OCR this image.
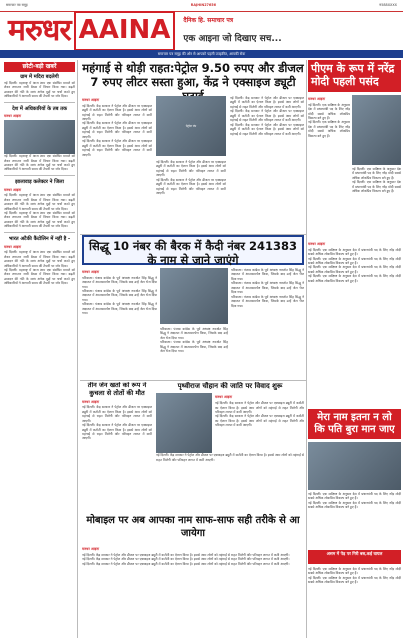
समाचार पत्र समूह	RAJHIN27656	9588XXXX
मरुधर AAINA	दैनिक हि. समाचार पत्र
एक आइना जो दिखाए सच...
समाचार पत्र समूह की ओर से आपको पहली उपहारित, आपकी सेवा
छोटी-बड़ी खबरें
ग्राम में मदिरा बदलेगी
नई दिल्ली। महाराष्ट्र में आज शाम एक संबंधित मामले को लेकर लगातार जारी बैठक में विचार किया गया। बढ़ती उत्पादन की गति के साथ अनेक मुद्दों पर चर्चा करते हुए अधिकारियों ने आगामी समय की तैयारी पर जोर दिया।
देश में अधिकारियों के तब तक
मरुधर आइना
नई दिल्ली। महाराष्ट्र में आज शाम एक संबंधित मामले को लेकर लगातार जारी बैठक में विचार किया गया। बढ़ती उत्पादन की गति के साथ अनेक मुद्दों पर चर्चा करते हुए अधिकारियों ने आगामी समय की तैयारी पर जोर दिया।
झालावाड़ कलेक्टर ने जिला
मरुधर आइना
नई दिल्ली। महाराष्ट्र में आज शाम एक संबंधित मामले को लेकर लगातार जारी बैठक में विचार किया गया। बढ़ती उत्पादन की गति के साथ अनेक मुद्दों पर चर्चा करते हुए अधिकारियों ने आगामी समय की तैयारी पर जोर दिया।
नई दिल्ली। महाराष्ट्र में आज शाम एक संबंधित मामले को लेकर लगातार जारी बैठक में विचार किया गया। बढ़ती उत्पादन की गति के साथ अनेक मुद्दों पर चर्चा करते हुए अधिकारियों ने आगामी समय की तैयारी पर जोर दिया।
भारत अटैकी कैंटोलिन में नहीं है -
मरुधर आइना
नई दिल्ली। महाराष्ट्र में आज शाम एक संबंधित मामले को लेकर लगातार जारी बैठक में विचार किया गया। बढ़ती उत्पादन की गति के साथ अनेक मुद्दों पर चर्चा करते हुए अधिकारियों ने आगामी समय की तैयारी पर जोर दिया।
नई दिल्ली। महाराष्ट्र में आज शाम एक संबंधित मामले को लेकर लगातार जारी बैठक में विचार किया गया। बढ़ती उत्पादन की गति के साथ अनेक मुद्दों पर चर्चा करते हुए अधिकारियों ने आगामी समय की तैयारी पर जोर दिया।
महंगाई से थोड़ी राहत:पेट्रोल 9.50 रुपए और डीजल 7 रुपए लीटर सस्ता हुआ, केंद्र ने एक्साइज ड्यूटी
मरुधर आइना
नई दिल्ली। केंद्र सरकार ने पेट्रोल और डीजल पर एक्साइज ड्यूटी में कटौती का ऐलान किया है। इससे आम लोगों को महंगाई से राहत मिलेगी और परिवहन लागत में कमी आएगी।
नई दिल्ली। केंद्र सरकार ने पेट्रोल और डीजल पर एक्साइज ड्यूटी में कटौती का ऐलान किया है। इससे आम लोगों को महंगाई से राहत मिलेगी और परिवहन लागत में कमी आएगी।
नई दिल्ली। केंद्र सरकार ने पेट्रोल और डीजल पर एक्साइज ड्यूटी में कटौती का ऐलान किया है। इससे आम लोगों को महंगाई से राहत मिलेगी और परिवहन लागत में कमी आएगी।
पेट्रोल पंप
नई दिल्ली। केंद्र सरकार ने पेट्रोल और डीजल पर एक्साइज ड्यूटी में कटौती का ऐलान किया है। इससे आम लोगों को महंगाई से राहत मिलेगी और परिवहन लागत में कमी आएगी।
नई दिल्ली। केंद्र सरकार ने पेट्रोल और डीजल पर एक्साइज ड्यूटी में कटौती का ऐलान किया है। इससे आम लोगों को महंगाई से राहत मिलेगी और परिवहन लागत में कमी आएगी।
नई दिल्ली। केंद्र सरकार ने पेट्रोल और डीजल पर एक्साइज ड्यूटी में कटौती का ऐलान किया है। इससे आम लोगों को महंगाई से राहत मिलेगी और परिवहन लागत में कमी आएगी।
नई दिल्ली। केंद्र सरकार ने पेट्रोल और डीजल पर एक्साइज ड्यूटी में कटौती का ऐलान किया है। इससे आम लोगों को महंगाई से राहत मिलेगी और परिवहन लागत में कमी आएगी।
नई दिल्ली। केंद्र सरकार ने पेट्रोल और डीजल पर एक्साइज ड्यूटी में कटौती का ऐलान किया है। इससे आम लोगों को महंगाई से राहत मिलेगी और परिवहन लागत में कमी आएगी।
पीएम के रूप में नरेंद्र मोदी पहली पसंद
मरुधर आइना
नई दिल्ली। एक सर्वेक्षण के अनुसार देश में प्रधानमंत्री पद के लिए नरेंद्र मोदी सबसे अधिक लोकप्रिय विकल्प बने हुए हैं।
नई दिल्ली। एक सर्वेक्षण के अनुसार देश में प्रधानमंत्री पद के लिए नरेंद्र मोदी सबसे अधिक लोकप्रिय विकल्प बने हुए हैं।
नई दिल्ली। एक सर्वेक्षण के अनुसार देश में प्रधानमंत्री पद के लिए नरेंद्र मोदी सबसे अधिक लोकप्रिय विकल्प बने हुए हैं।
नई दिल्ली। एक सर्वेक्षण के अनुसार देश में प्रधानमंत्री पद के लिए नरेंद्र मोदी सबसे अधिक लोकप्रिय विकल्प बने हुए हैं।
सिद्धू 10 नंबर की बैरक में कैदी नंबर 241383 के नाम से जाने जाएंगे
मरुधर आइना
पटियाला। पंजाब कांग्रेस के पूर्व अध्यक्ष नवजोत सिंह सिद्धू ने अदालत में आत्मसमर्पण किया, जिसके बाद उन्हें जेल भेज दिया गया।
पटियाला। पंजाब कांग्रेस के पूर्व अध्यक्ष नवजोत सिंह सिद्धू ने अदालत में आत्मसमर्पण किया, जिसके बाद उन्हें जेल भेज दिया गया।
पटियाला। पंजाब कांग्रेस के पूर्व अध्यक्ष नवजोत सिंह सिद्धू ने अदालत में आत्मसमर्पण किया, जिसके बाद उन्हें जेल भेज दिया गया।
पटियाला। पंजाब कांग्रेस के पूर्व अध्यक्ष नवजोत सिंह सिद्धू ने अदालत में आत्मसमर्पण किया, जिसके बाद उन्हें जेल भेज दिया गया।
पटियाला। पंजाब कांग्रेस के पूर्व अध्यक्ष नवजोत सिंह सिद्धू ने अदालत में आत्मसमर्पण किया, जिसके बाद उन्हें जेल भेज दिया गया।
पटियाला। पंजाब कांग्रेस के पूर्व अध्यक्ष नवजोत सिंह सिद्धू ने अदालत में आत्मसमर्पण किया, जिसके बाद उन्हें जेल भेज दिया गया।
पटियाला। पंजाब कांग्रेस के पूर्व अध्यक्ष नवजोत सिंह सिद्धू ने अदालत में आत्मसमर्पण किया, जिसके बाद उन्हें जेल भेज दिया गया।
पटियाला। पंजाब कांग्रेस के पूर्व अध्यक्ष नवजोत सिंह सिद्धू ने अदालत में आत्मसमर्पण किया, जिसके बाद उन्हें जेल भेज दिया गया।
तीन जेन खतो को रूप ने कुचला से तोतों की मौत
मरुधर आइना
नई दिल्ली। केंद्र सरकार ने पेट्रोल और डीजल पर एक्साइज ड्यूटी में कटौती का ऐलान किया है। इससे आम लोगों को महंगाई से राहत मिलेगी और परिवहन लागत में कमी आएगी।
नई दिल्ली। केंद्र सरकार ने पेट्रोल और डीजल पर एक्साइज ड्यूटी में कटौती का ऐलान किया है। इससे आम लोगों को महंगाई से राहत मिलेगी और परिवहन लागत में कमी आएगी।
पृथ्वीराज चौहान की जाति पर विवाद शुरू
मरुधर आइना
नई दिल्ली। केंद्र सरकार ने पेट्रोल और डीजल पर एक्साइज ड्यूटी में कटौती का ऐलान किया है। इससे आम लोगों को महंगाई से राहत मिलेगी और परिवहन लागत में कमी आएगी।
नई दिल्ली। केंद्र सरकार ने पेट्रोल और डीजल पर एक्साइज ड्यूटी में कटौती का ऐलान किया है। इससे आम लोगों को महंगाई से राहत मिलेगी और परिवहन लागत में कमी आएगी।
नई दिल्ली। केंद्र सरकार ने पेट्रोल और डीजल पर एक्साइज ड्यूटी में कटौती का ऐलान किया है। इससे आम लोगों को महंगाई से राहत मिलेगी और परिवहन लागत में कमी आएगी।
मेरा नाम इतना न लो कि पति बुरा मान जाए
मरुधर आइना
नई दिल्ली। एक सर्वेक्षण के अनुसार देश में प्रधानमंत्री पद के लिए नरेंद्र मोदी सबसे अधिक लोकप्रिय विकल्प बने हुए हैं।
नई दिल्ली। एक सर्वेक्षण के अनुसार देश में प्रधानमंत्री पद के लिए नरेंद्र मोदी सबसे अधिक लोकप्रिय विकल्प बने हुए हैं।
नई दिल्ली। एक सर्वेक्षण के अनुसार देश में प्रधानमंत्री पद के लिए नरेंद्र मोदी सबसे अधिक लोकप्रिय विकल्प बने हुए हैं।
नई दिल्ली। एक सर्वेक्षण के अनुसार देश में प्रधानमंत्री पद के लिए नरेंद्र मोदी सबसे अधिक लोकप्रिय विकल्प बने हुए हैं।
नई दिल्ली। एक सर्वेक्षण के अनुसार देश में प्रधानमंत्री पद के लिए नरेंद्र मोदी सबसे अधिक लोकप्रिय विकल्प बने हुए हैं।
नई दिल्ली। एक सर्वेक्षण के अनुसार देश में प्रधानमंत्री पद के लिए नरेंद्र मोदी सबसे अधिक लोकप्रिय विकल्प बने हुए हैं।
मोबाइल पर अब आपका नाम साफ-साफ सही तरीके से आ जायेगा
मरुधर आइना
नई दिल्ली। केंद्र सरकार ने पेट्रोल और डीजल पर एक्साइज ड्यूटी में कटौती का ऐलान किया है। इससे आम लोगों को महंगाई से राहत मिलेगी और परिवहन लागत में कमी आएगी।
नई दिल्ली। केंद्र सरकार ने पेट्रोल और डीजल पर एक्साइज ड्यूटी में कटौती का ऐलान किया है। इससे आम लोगों को महंगाई से राहत मिलेगी और परिवहन लागत में कमी आएगी।
नई दिल्ली। केंद्र सरकार ने पेट्रोल और डीजल पर एक्साइज ड्यूटी में कटौती का ऐलान किया है। इससे आम लोगों को महंगाई से राहत मिलेगी और परिवहन लागत में कमी आएगी।
असम में पेड़ पर गिरी बस,कई घायल
नई दिल्ली। एक सर्वेक्षण के अनुसार देश में प्रधानमंत्री पद के लिए नरेंद्र मोदी सबसे अधिक लोकप्रिय विकल्प बने हुए हैं।
नई दिल्ली। एक सर्वेक्षण के अनुसार देश में प्रधानमंत्री पद के लिए नरेंद्र मोदी सबसे अधिक लोकप्रिय विकल्प बने हुए हैं।
